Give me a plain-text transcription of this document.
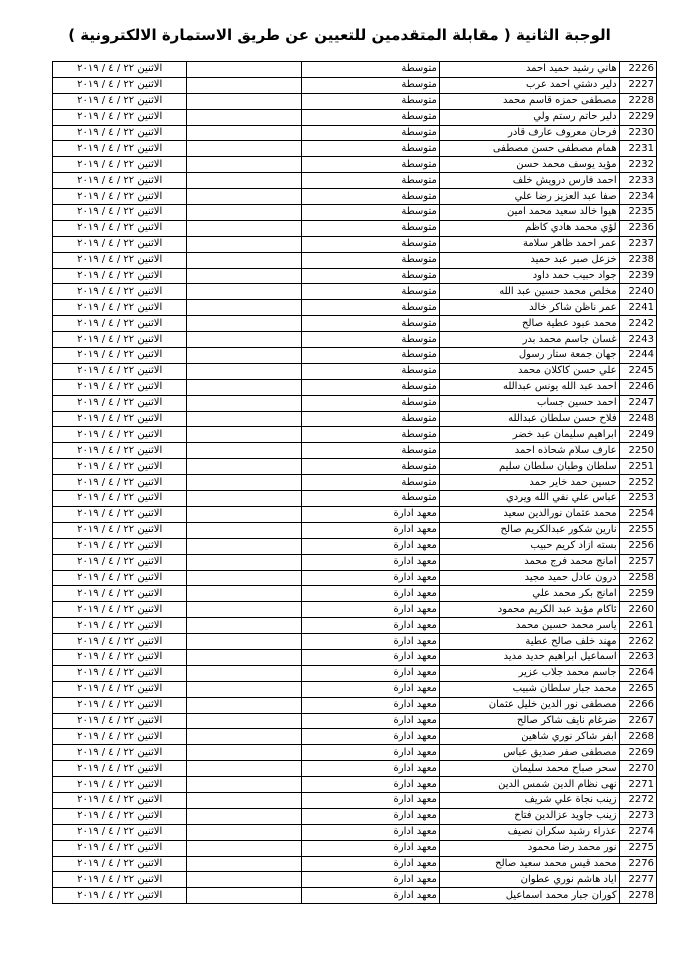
الوجبة الثانية ( مقابلة المتقدمين للتعيين عن طريق الاستمارة الالكترونية )
الاثنين ٢٢ / ٤ / ٢٠١٩		متوسطة	هاني رشيد حميد احمد	2226
الاثنين ٢٢ / ٤ / ٢٠١٩		متوسطة	دلير دشتي احمد عرب	2227
الاثنين ٢٢ / ٤ / ٢٠١٩		متوسطة	مصطفى حمزه قاسم محمد	2228
الاثنين ٢٢ / ٤ / ٢٠١٩		متوسطة	دلير حاتم رستم ولي	2229
الاثنين ٢٢ / ٤ / ٢٠١٩		متوسطة	فرحان معروف عارف قادر	2230
الاثنين ٢٢ / ٤ / ٢٠١٩		متوسطة	همام مصطفى حسن مصطفى	2231
الاثنين ٢٢ / ٤ / ٢٠١٩		متوسطة	مؤيد يوسف محمد حسن	2232
الاثنين ٢٢ / ٤ / ٢٠١٩		متوسطة	احمد فارس درويش خلف	2233
الاثنين ٢٢ / ٤ / ٢٠١٩		متوسطة	صفا عبد العزيز رضا علي	2234
الاثنين ٢٢ / ٤ / ٢٠١٩		متوسطة	هيوا خالد سعيد محمد امين	2235
الاثنين ٢٢ / ٤ / ٢٠١٩		متوسطة	لؤي محمد هادي كاظم	2236
الاثنين ٢٢ / ٤ / ٢٠١٩		متوسطة	عمر احمد ظاهر سلامة	2237
الاثنين ٢٢ / ٤ / ٢٠١٩		متوسطة	خزعل صبر عبد حميد	2238
الاثنين ٢٢ / ٤ / ٢٠١٩		متوسطة	جواد حبيب حمد داود	2239
الاثنين ٢٢ / ٤ / ٢٠١٩		متوسطة	مخلص محمد حسين عبد الله	2240
الاثنين ٢٢ / ٤ / ٢٠١٩		متوسطة	عمر ناظن شاكر خالد	2241
الاثنين ٢٢ / ٤ / ٢٠١٩		متوسطة	محمد عبود عطية صالح	2242
الاثنين ٢٢ / ٤ / ٢٠١٩		متوسطة	غسان جاسم محمد بدر	2243
الاثنين ٢٢ / ٤ / ٢٠١٩		متوسطة	جهان جمعة ستار رسول	2244
الاثنين ٢٢ / ٤ / ٢٠١٩		متوسطة	علي حسن كاكلان محمد	2245
الاثنين ٢٢ / ٤ / ٢٠١٩		متوسطة	احمد عبد الله يونس عبدالله	2246
الاثنين ٢٢ / ٤ / ٢٠١٩		متوسطة	احمد حسين جساب	2247
الاثنين ٢٢ / ٤ / ٢٠١٩		متوسطة	فلاح حسن سلطان عبدالله	2248
الاثنين ٢٢ / ٤ / ٢٠١٩		متوسطة	ابراهيم سليمان عبد خضر	2249
الاثنين ٢٢ / ٤ / ٢٠١٩		متوسطة	عارف سلام شحاذه احمد	2250
الاثنين ٢٢ / ٤ / ٢٠١٩		متوسطة	سلطان وطبان سلطان سليم	2251
الاثنين ٢٢ / ٤ / ٢٠١٩		متوسطة	حسين حمد خاير حمد	2252
الاثنين ٢٢ / ٤ / ٢٠١٩		متوسطة	عباس علي نفي الله ويردي	2253
الاثنين ٢٢ / ٤ / ٢٠١٩		معهد ادارة	محمد عثمان نورالدين سعيد	2254
الاثنين ٢٢ / ٤ / ٢٠١٩		معهد ادارة	نارين شكور عبدالكريم صالح	2255
الاثنين ٢٢ / ٤ / ٢٠١٩		معهد ادارة	بسته ازاد كريم حبيب	2256
الاثنين ٢٢ / ٤ / ٢٠١٩		معهد ادارة	امانج محمد فرج محمد	2257
الاثنين ٢٢ / ٤ / ٢٠١٩		معهد ادارة	درون عادل حميد مجيد	2258
الاثنين ٢٢ / ٤ / ٢٠١٩		معهد ادارة	امانج بكر محمد علي	2259
الاثنين ٢٢ / ٤ / ٢٠١٩		معهد ادارة	ئاكام مؤيد عبد الكريم محمود	2260
الاثنين ٢٢ / ٤ / ٢٠١٩		معهد ادارة	ياسر محمد حسين محمد	2261
الاثنين ٢٢ / ٤ / ٢٠١٩		معهد ادارة	مهند خلف صالح عطية	2262
الاثنين ٢٢ / ٤ / ٢٠١٩		معهد ادارة	اسماعيل ابراهيم حديد مديد	2263
الاثنين ٢٢ / ٤ / ٢٠١٩		معهد ادارة	جاسم محمد جلاب عزير	2264
الاثنين ٢٢ / ٤ / ٢٠١٩		معهد ادارة	محمد جبار سلطان شبيب	2265
الاثنين ٢٢ / ٤ / ٢٠١٩		معهد ادارة	مصطفى نور الدين خليل عثمان	2266
الاثنين ٢٢ / ٤ / ٢٠١٩		معهد ادارة	ضرغام نايف شاكر صالح	2267
الاثنين ٢٢ / ٤ / ٢٠١٩		معهد ادارة	ابفر شاكر نوري شاهين	2268
الاثنين ٢٢ / ٤ / ٢٠١٩		معهد ادارة	مصطفى صفر صديق عباس	2269
الاثنين ٢٢ / ٤ / ٢٠١٩		معهد ادارة	سحر صباح محمد سليمان	2270
الاثنين ٢٢ / ٤ / ٢٠١٩		معهد ادارة	نهى نظام الدين شمس الدين	2271
الاثنين ٢٢ / ٤ / ٢٠١٩		معهد ادارة	زينب نجاة علي شريف	2272
الاثنين ٢٢ / ٤ / ٢٠١٩		معهد ادارة	زينب جاويد عزالدين فتاح	2273
الاثنين ٢٢ / ٤ / ٢٠١٩		معهد ادارة	عذراء رشيد سكران نصيف	2274
الاثنين ٢٢ / ٤ / ٢٠١٩		معهد ادارة	نور محمد رضا محمود	2275
الاثنين ٢٢ / ٤ / ٢٠١٩		معهد ادارة	محمد قيس محمد سعيد صالح	2276
الاثنين ٢٢ / ٤ / ٢٠١٩		معهد ادارة	اياد هاشم نوري عطوان	2277
الاثنين ٢٢ / ٤ / ٢٠١٩		معهد ادارة	كوران جبار محمد اسماعيل	2278
